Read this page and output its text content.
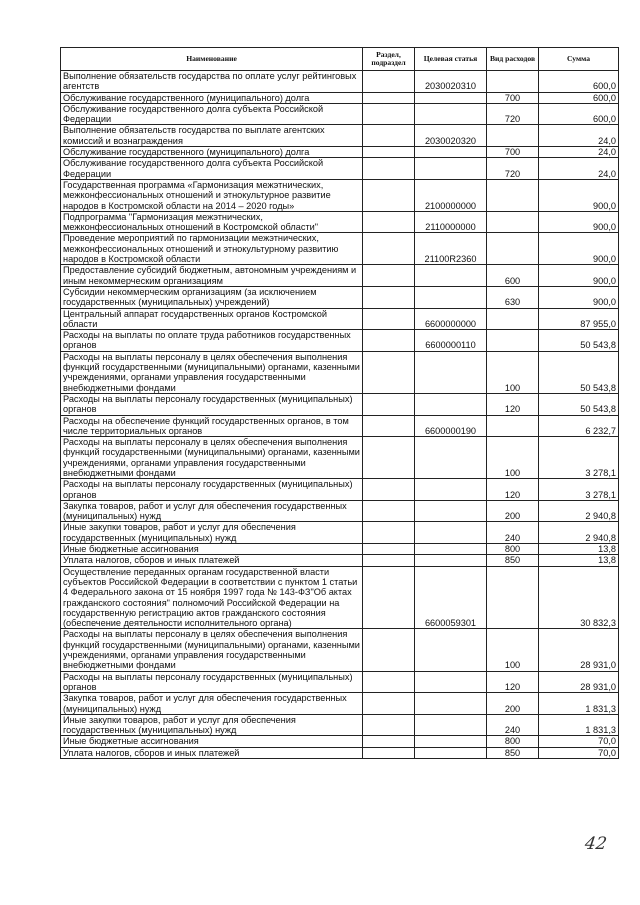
Наименование	Раздел, подраздел	Целевая статья	Вид расходов	Сумма
Выполнение обязательств государства по оплате услуг рейтинговых агентств		2030020310		600,0
Обслуживание государственного (муниципального) долга			700	600,0
Обслуживание государственного долга субъекта Российской Федерации			720	600,0
Выполнение обязательств государства по выплате агентских комиссий и вознаграждения		2030020320		24,0
Обслуживание государственного (муниципального) долга			700	24,0
Обслуживание государственного долга субъекта Российской Федерации			720	24,0
Государственная программа «Гармонизация межэтнических, межконфессиональных отношений и этнокультурное развитие народов в Костромской области на 2014 – 2020 годы»		2100000000		900,0
Подпрограмма "Гармонизация межэтнических, межконфессиональных отношений в Костромской области"		2110000000		900,0
Проведение мероприятий по гармонизации межэтнических, межконфессиональных отношений и этнокультурному развитию народов в Костромской области		21100R2360		900,0
Предоставление субсидий бюджетным, автономным учреждениям и иным некоммерческим организациям			600	900,0
Субсидии некоммерческим организациям (за исключением государственных (муниципальных) учреждений)			630	900,0
Центральный аппарат государственных органов Костромской области		6600000000		87 955,0
Расходы на выплаты по оплате труда работников государственных органов		6600000110		50 543,8
Расходы на выплаты персоналу в целях обеспечения выполнения функций государственными (муниципальными) органами, казенными учреждениями, органами управления государственными внебюджетными фондами			100	50 543,8
Расходы на выплаты персоналу государственных (муниципальных) органов			120	50 543,8
Расходы на обеспечение функций государственных органов, в том числе территориальных органов		6600000190		6 232,7
Расходы на выплаты персоналу в целях обеспечения выполнения функций государственными (муниципальными) органами, казенными учреждениями, органами управления государственными внебюджетными фондами			100	3 278,1
Расходы на выплаты персоналу государственных (муниципальных) органов			120	3 278,1
Закупка товаров, работ и услуг для обеспечения государственных (муниципальных) нужд			200	2 940,8
Иные закупки товаров, работ и услуг для обеспечения государственных (муниципальных) нужд			240	2 940,8
Иные бюджетные ассигнования			800	13,8
Уплата налогов, сборов и иных платежей			850	13,8
Осуществление переданных органам государственной власти субъектов Российской Федерации в соответствии с пунктом 1 статьи 4 Федерального закона от 15 ноября 1997 года № 143-ФЗ"Об актах гражданского состояния" полномочий Российской Федерации на государственную регистрацию актов гражданского состояния (обеспечение деятельности исполнительного органа)		6600059301		30 832,3
Расходы на выплаты персоналу в целях обеспечения выполнения функций государственными (муниципальными) органами, казенными учреждениями, органами управления государственными внебюджетными фондами			100	28 931,0
Расходы на выплаты персоналу государственных (муниципальных) органов			120	28 931,0
Закупка товаров, работ и услуг для обеспечения государственных (муниципальных) нужд			200	1 831,3
Иные закупки товаров, работ и услуг для обеспечения государственных (муниципальных) нужд			240	1 831,3
Иные бюджетные ассигнования			800	70,0
Уплата налогов, сборов и иных платежей			850	70,0
42
